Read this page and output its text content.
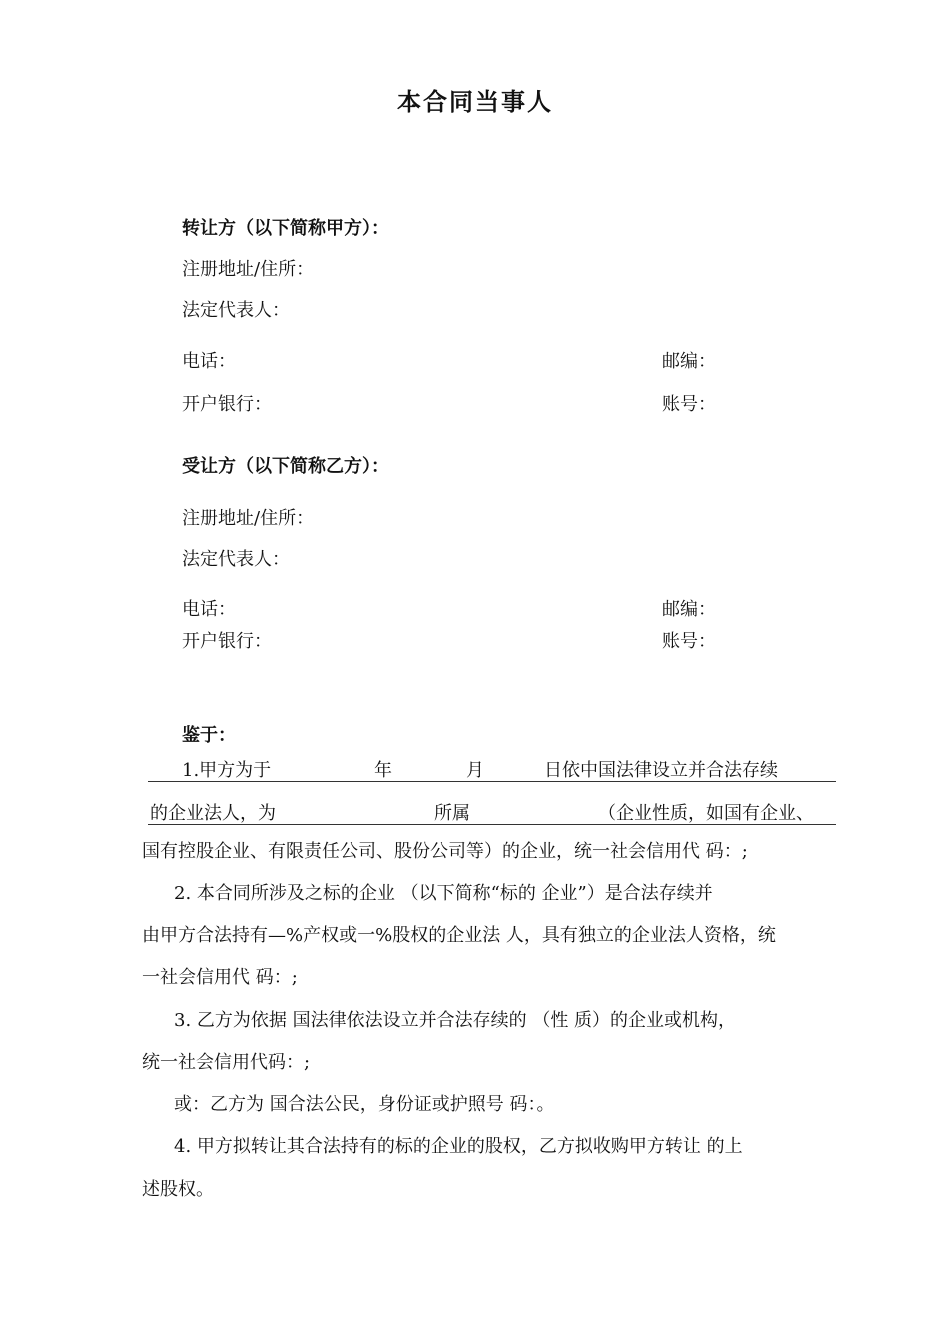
本合同当事人
转让方（以下简称甲方）：
注册地址/住所：
法定代表人：
电话：	邮编：
开户银行：	账号：
受让方（以下简称乙方）：
注册地址/住所：
法定代表人：
电话：	邮编：
开户银行：	账号：
鉴于：
1.甲方为于	年	月	日依中国法律设立并合法存续
的企业法人，为	所属	（企业性质，如国有企业、
国有控股企业、有限责任公司、股份公司等）的企业，统一社会信用代 码：;
2. 本合同所涉及之标的企业 （以下简称“标的 企业”）是合法存续并
由甲方合法持有—%产权或一%股权的企业法 人，具有独立的企业法人资格，统
一社会信用代 码：;
3. 乙方为依据 国法律依法设立并合法存续的 （性 质）的企业或机构，
统一社会信用代码：;
或：乙方为 国合法公民，身份证或护照号 码：。
4. 甲方拟转让其合法持有的标的企业的股权，乙方拟收购甲方转让 的上
述股权。
